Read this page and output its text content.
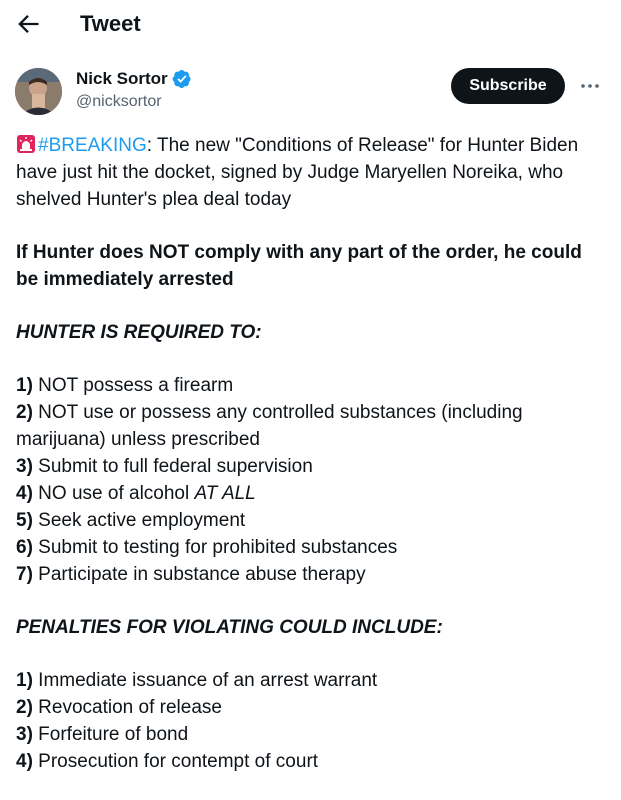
Tweet
Nick Sortor
@nicksortor
Subscribe

#BREAKING: The new "Conditions of Release" for Hunter Biden have just hit the docket, signed by Judge Maryellen Noreika, who shelved Hunter's plea deal today

If Hunter does NOT comply with any part of the order, he could be immediately arrested

HUNTER IS REQUIRED TO:

1) NOT possess a firearm

2) NOT use or possess any controlled substances (including marijuana) unless prescribed

3) Submit to full federal supervision

4) NO use of alcohol AT ALL

5) Seek active employment

6) Submit to testing for prohibited substances

7) Participate in substance abuse therapy

PENALTIES FOR VIOLATING COULD INCLUDE:

1) Immediate issuance of an arrest warrant

2) Revocation of release

3) Forfeiture of bond

4) Prosecution for contempt of court
